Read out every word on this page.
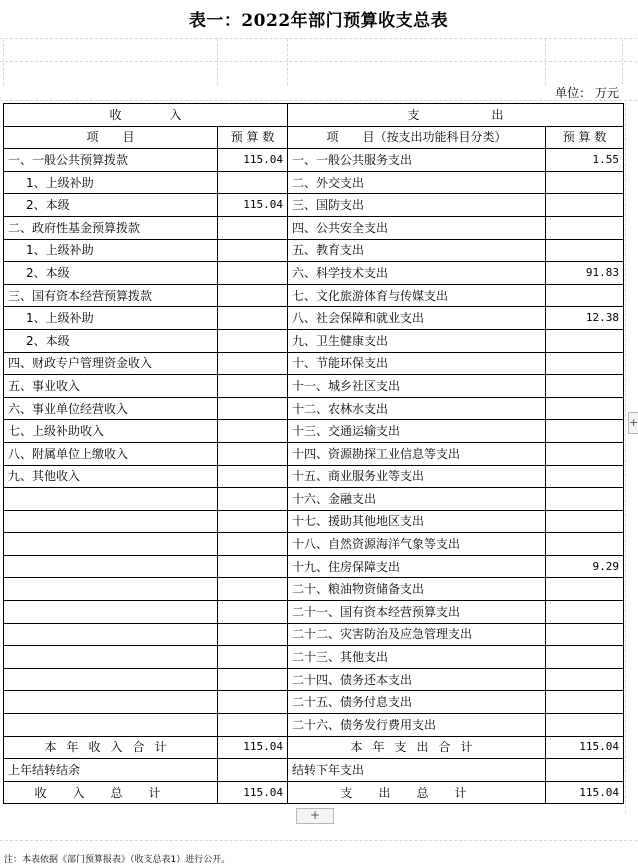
表一：2022年部门预算收支总表
单位： 万元
收　　　　入		支　　　　　　出	
项　　目	预 算 数	项　　目（按支出功能科目分类）	预 算 数
一、一般公共预算拨款	115.04	一、一般公共服务支出	1.55
1、上级补助		二、外交支出	
2、本级	115.04	三、国防支出	
二、政府性基金预算拨款		四、公共安全支出	
1、上级补助		五、教育支出	
2、本级		六、科学技术支出	91.83
三、国有资本经营预算拨款		七、文化旅游体育与传媒支出	
1、上级补助		八、社会保障和就业支出	12.38
2、本级		九、卫生健康支出	
四、财政专户管理资金收入		十、节能环保支出	
五、事业收入		十一、城乡社区支出	
六、事业单位经营收入		十二、农林水支出	
七、上级补助收入		十三、交通运输支出	
八、附属单位上缴收入		十四、资源勘探工业信息等支出	
九、其他收入		十五、商业服务业等支出	
		十六、金融支出	
		十七、援助其他地区支出	
		十八、自然资源海洋气象等支出	
		十九、住房保障支出	9.29
		二十、粮油物资储备支出	
		二十一、国有资本经营预算支出	
		二十二、灾害防治及应急管理支出	
		二十三、其他支出	
		二十四、债务还本支出	
		二十五、债务付息支出	
		二十六、债务发行费用支出	
本年收入合计	115.04	本年支出合计	115.04
上年结转结余		结转下年支出	
收入总计	115.04	支出总计	115.04
+
+
注：本表依据《部门预算报表》（收支总表1）进行公开。
